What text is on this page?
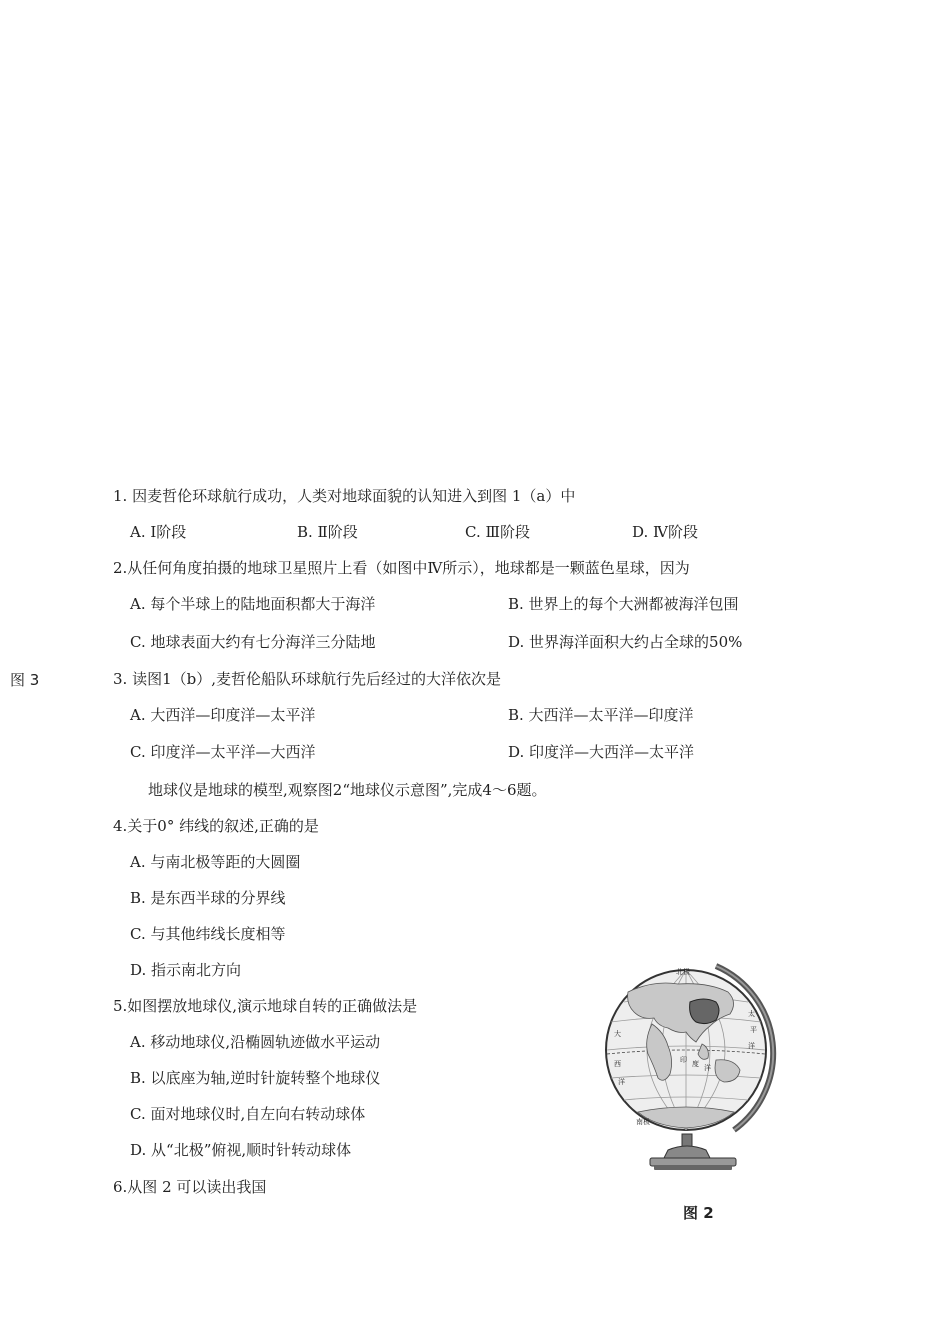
图 3
1. 因麦哲伦环球航行成功，人类对地球面貌的认知进入到图 1（a）中
A. Ⅰ阶段	B. Ⅱ阶段	C. Ⅲ阶段	D. Ⅳ阶段
2.从任何角度拍摄的地球卫星照片上看（如图中Ⅳ所示），地球都是一颗蓝色星球，因为
A. 每个半球上的陆地面积都大于海洋	B. 世界上的每个大洲都被海洋包围
C. 地球表面大约有七分海洋三分陆地	D. 世界海洋面积大约占全球的50%
3. 读图1（b）,麦哲伦船队环球航行先后经过的大洋依次是
A. 大西洋—印度洋—太平洋	B. 大西洋—太平洋—印度洋
C. 印度洋—太平洋—大西洋	D. 印度洋—大西洋—太平洋
地球仪是地球的模型,观察图2“地球仪示意图”,完成4～6题。
4.关于0° 纬线的叙述,正确的是
A. 与南北极等距的大圆圈
B. 是东西半球的分界线
C. 与其他纬线长度相等
D. 指示南北方向
5.如图摆放地球仪,演示地球自转的正确做法是
A. 移动地球仪,沿椭圆轨迹做水平运动
B. 以底座为轴,逆时针旋转整个地球仪
C. 面对地球仪时,自左向右转动球体
D. 从“北极”俯视,顺时针转动球体
6.从图 2 可以读出我国
北极
太
平
洋
大
西
洋
印 度 洋
南极
图 2
